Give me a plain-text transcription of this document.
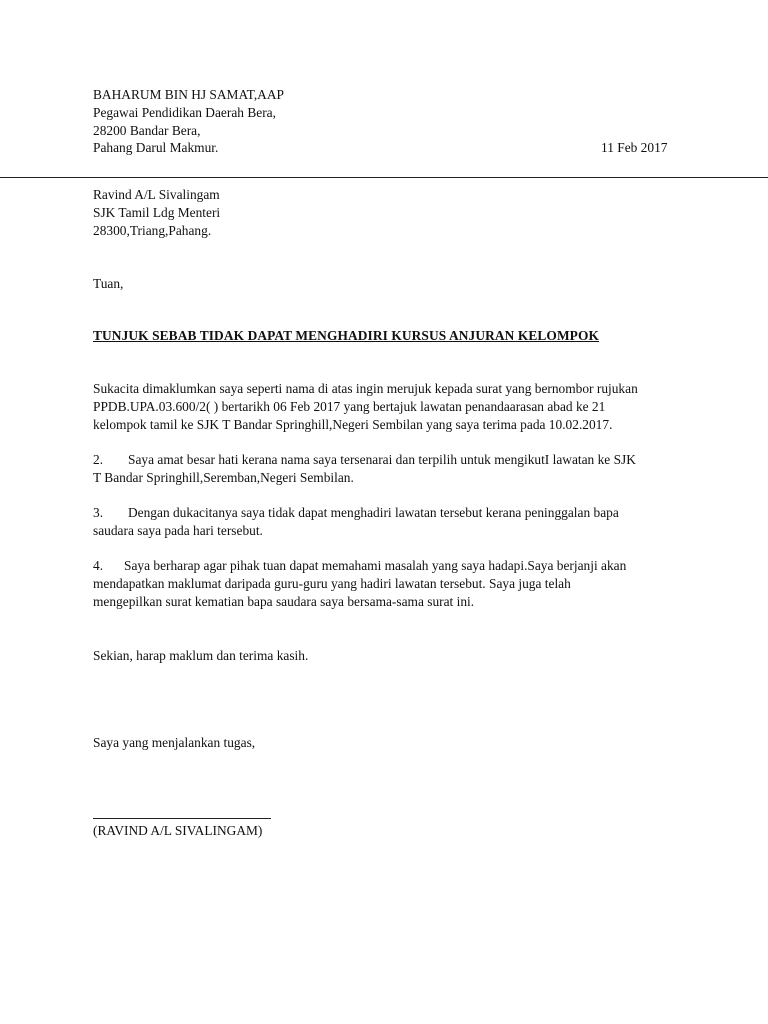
BAHARUM BIN HJ SAMAT,AAP
Pegawai Pendidikan Daerah Bera,
28200 Bandar Bera,
Pahang Darul Makmur.	11 Feb 2017
Ravind A/L Sivalingam
SJK Tamil Ldg Menteri
28300,Triang,Pahang.
Tuan,
TUNJUK SEBAB TIDAK DAPAT MENGHADIRI KURSUS ANJURAN KELOMPOK
Sukacita dimaklumkan saya seperti nama di atas ingin merujuk kepada surat yang bernombor rujukan
PPDB.UPA.03.600/2( ) bertarikh 06 Feb 2017 yang bertajuk lawatan penandaarasan abad ke 21
kelompok tamil ke SJK T Bandar Springhill,Negeri Sembilan yang saya terima pada 10.02.2017.
2. Saya amat besar hati kerana nama saya tersenarai dan terpilih untuk mengikutI lawatan ke SJK
T Bandar Springhill,Seremban,Negeri Sembilan.
3. Dengan dukacitanya saya tidak dapat menghadiri lawatan tersebut kerana peninggalan bapa
saudara saya pada hari tersebut.
4. Saya berharap agar pihak tuan dapat memahami masalah yang saya hadapi.Saya berjanji akan
mendapatkan maklumat daripada guru-guru yang hadiri lawatan tersebut. Saya juga telah
mengepilkan surat kematian bapa saudara saya bersama-sama surat ini.
Sekian, harap maklum dan terima kasih.
Saya yang menjalankan tugas,
(RAVIND A/L SIVALINGAM)
